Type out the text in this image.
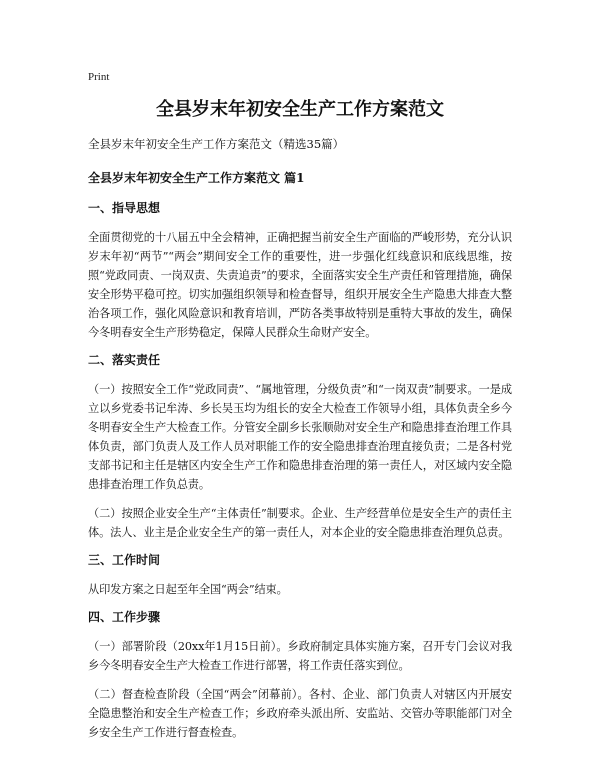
Print
全县岁末年初安全生产工作方案范文

全县岁末年初安全生产工作方案范文（精选35篇）

全县岁末年初安全生产工作方案范文 篇1

一、指导思想

全面贯彻党的十八届五中全会精神，正确把握当前安全生产面临的严峻形势，充分认识岁末年初“两节”“两会”期间安全工作的重要性，进一步强化红线意识和底线思维，按照“党政同责、一岗双责、失责追责”的要求，全面落实安全生产责任和管理措施，确保安全形势平稳可控。切实加强组织领导和检查督导，组织开展安全生产隐患大排查大整治各项工作，强化风险意识和教育培训，严防各类事故特别是重特大事故的发生，确保今冬明春安全生产形势稳定，保障人民群众生命财产安全。

二、落实责任

（一）按照安全工作“党政同责”、“属地管理，分级负责”和“一岗双责”制要求。一是成立以乡党委书记牟涛、乡长吴玉均为组长的安全大检查工作领导小组，具体负责全乡今冬明春安全生产大检查工作。分管安全副乡长张顺勋对安全生产和隐患排查治理工作具体负责，部门负责人及工作人员对职能工作的安全隐患排查治理直接负责；二是各村党支部书记和主任是辖区内安全生产工作和隐患排查治理的第一责任人，对区域内安全隐患排查治理工作负总责。

（二）按照企业安全生产“主体责任”制要求。企业、生产经营单位是安全生产的责任主体。法人、业主是企业安全生产的第一责任人，对本企业的安全隐患排查治理负总责。

三、工作时间

从印发方案之日起至年全国“两会”结束。

四、工作步骤

（一）部署阶段（20xx年1月15日前）。乡政府制定具体实施方案，召开专门会议对我乡今冬明春安全生产大检查工作进行部署，将工作责任落实到位。

（二）督查检查阶段（全国“两会”闭幕前）。各村、企业、部门负责人对辖区内开展安全隐患整治和安全生产检查工作；乡政府牵头派出所、安监站、交管办等职能部门对全乡安全生产工作进行督查检查。
